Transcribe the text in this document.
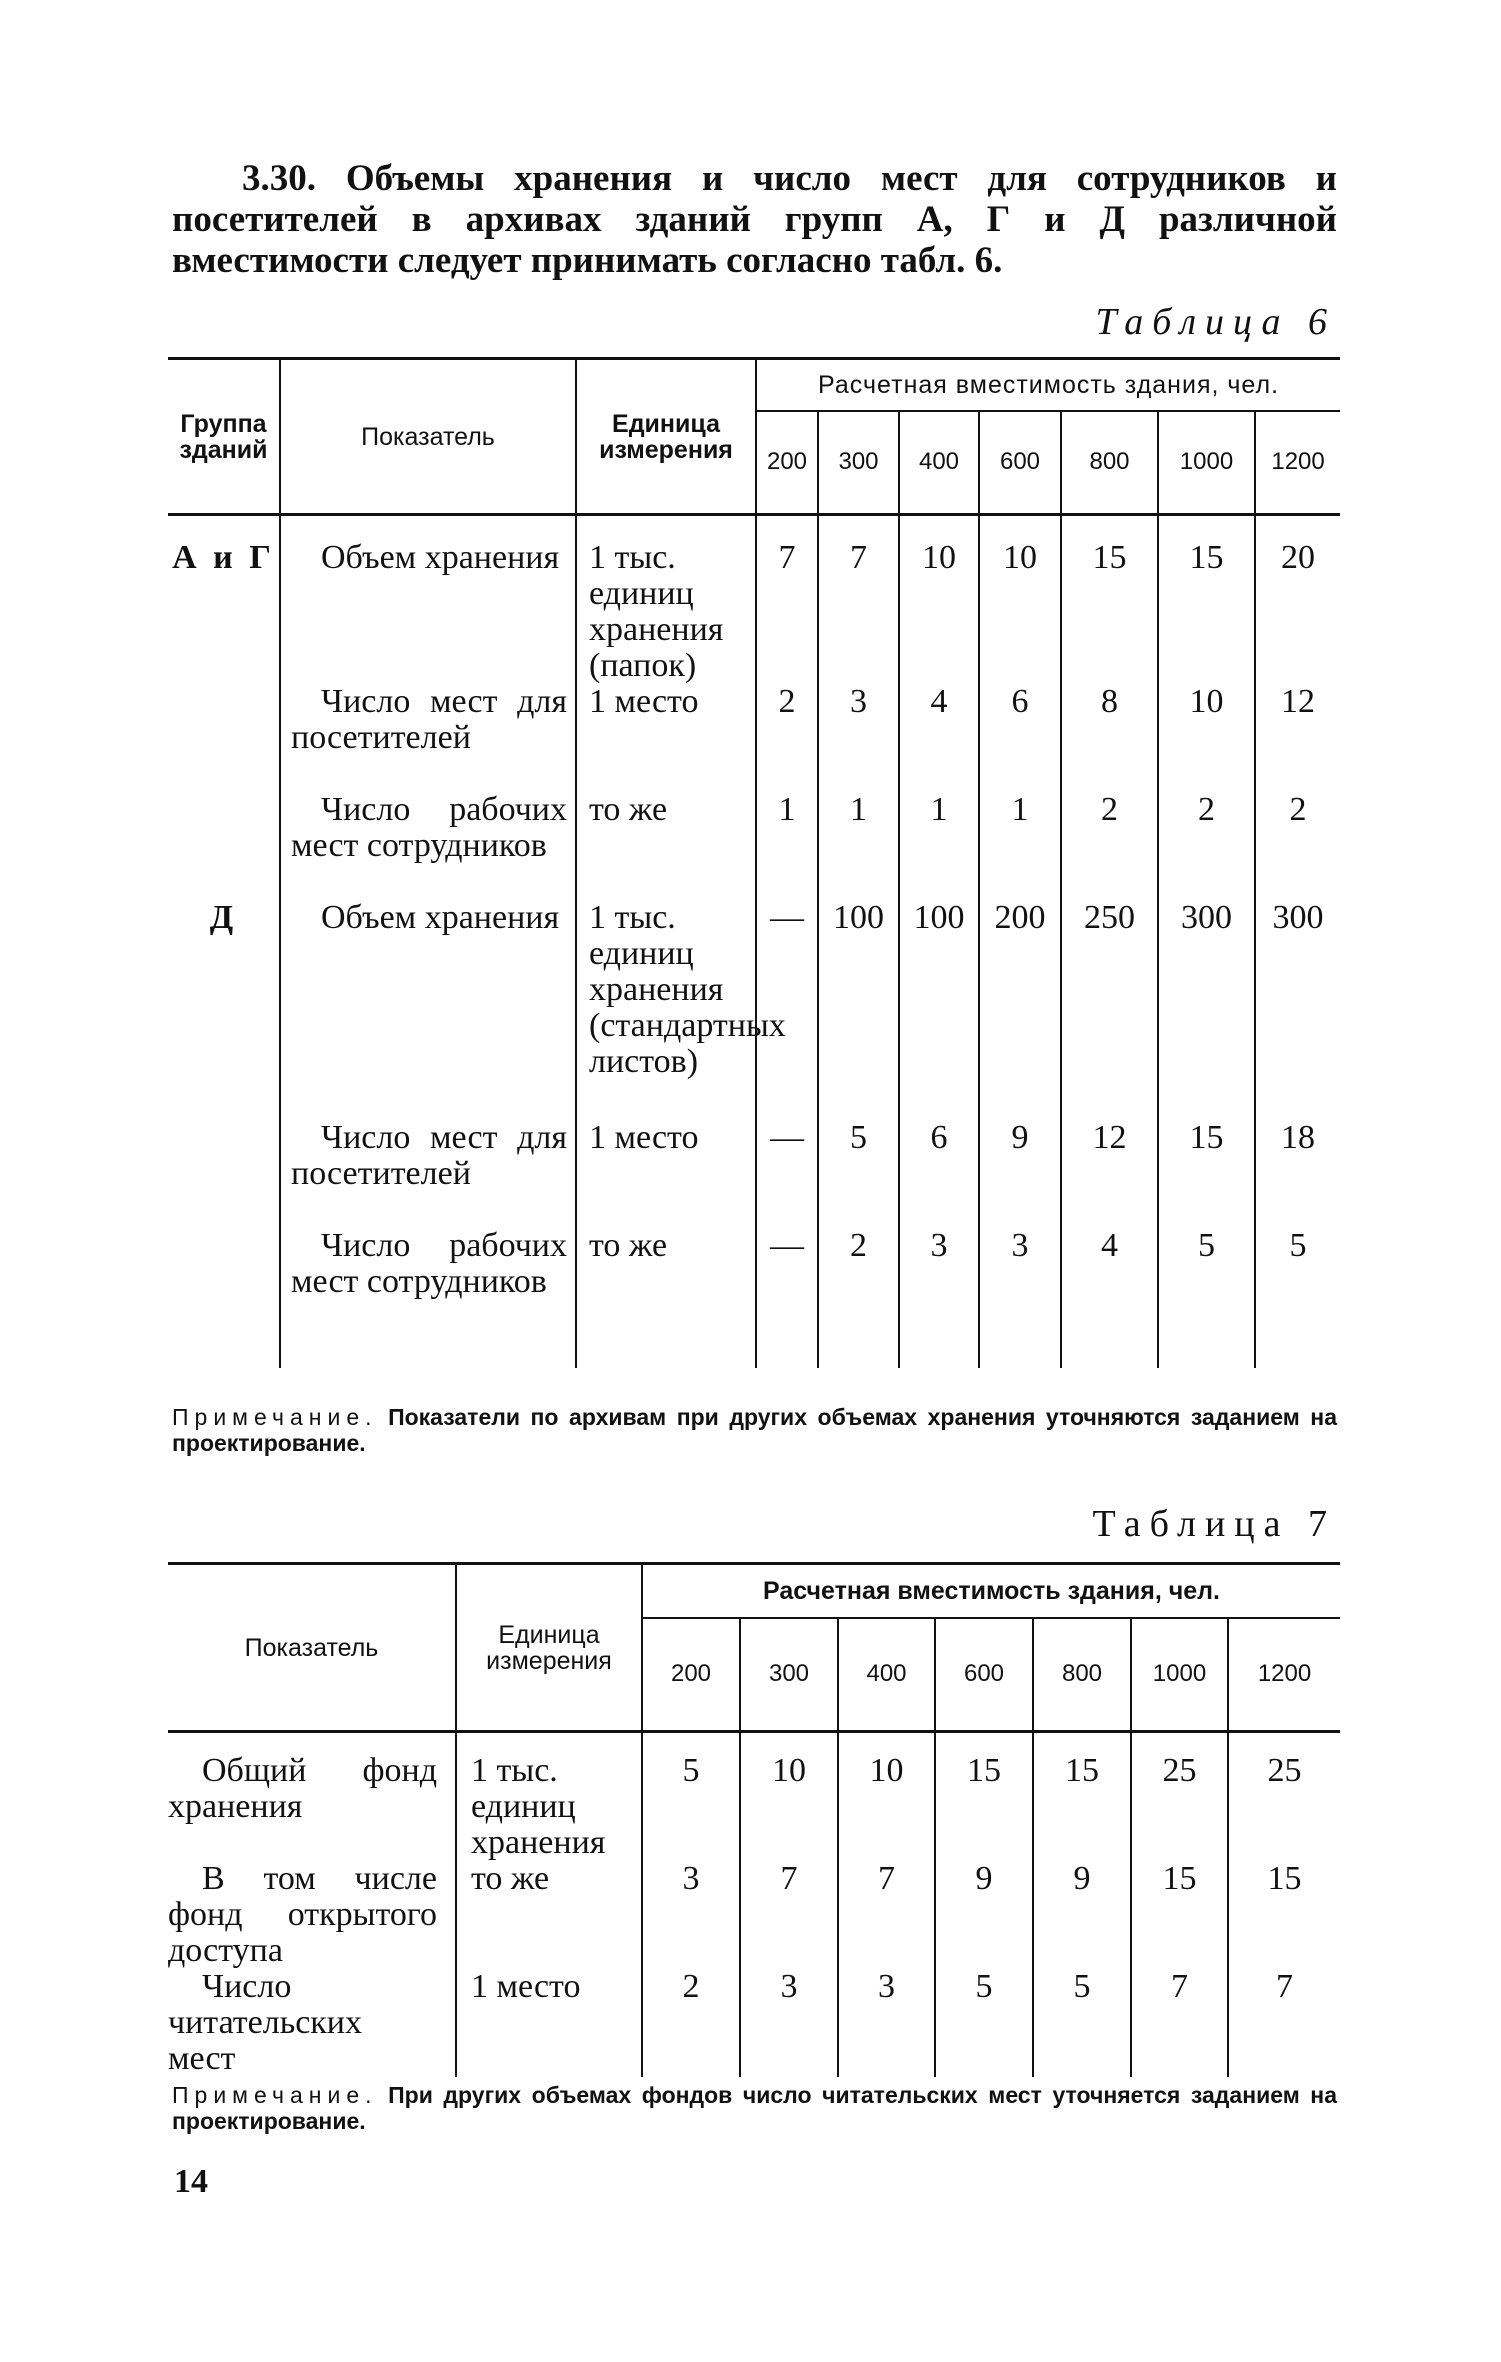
3.30. Объемы хранения и число мест для сотрудников и посетителей в архивах зданий групп А, Г и Д различной вместимости следует принимать согласно табл. 6.
Таблица 6
Группа зданий	Показатель	Единица измерения	Расчетная вместимость здания, чел.						
			200	300	400	600	800	1000	1200
А и Г	Объем хранения	1 тыс. единиц хранения (папок)	7	7	10	10	15	15	20
	Число мест для посетителей	1 место	2	3	4	6	8	10	12
	Число рабочих мест сотрудников	то же	1	1	1	1	2	2	2
Д	Объем хранения	1 тыс. единиц хранения (стандартных листов)	—	100	100	200	250	300	300
	Число мест для посетителей	1 место	—	5	6	9	12	15	18
	Число рабочих мест сотрудников	то же	—	2	3	3	4	5	5
Примечание. Показатели по архивам при других объемах хранения уточняются заданием на проектирование.
Таблица 7
Показатель	Единица измерения	Расчетная вместимость здания, чел.						
		200	300	400	600	800	1000	1200
Общий фонд хранения	1 тыс. единиц хранения	5	10	10	15	15	25	25
В том числе фонд открытого доступа	то же	3	7	7	9	9	15	15
Число читательских мест	1 место	2	3	3	5	5	7	7
Примечание. При других объемах фондов число читательских мест уточняется заданием на проектирование.
14
